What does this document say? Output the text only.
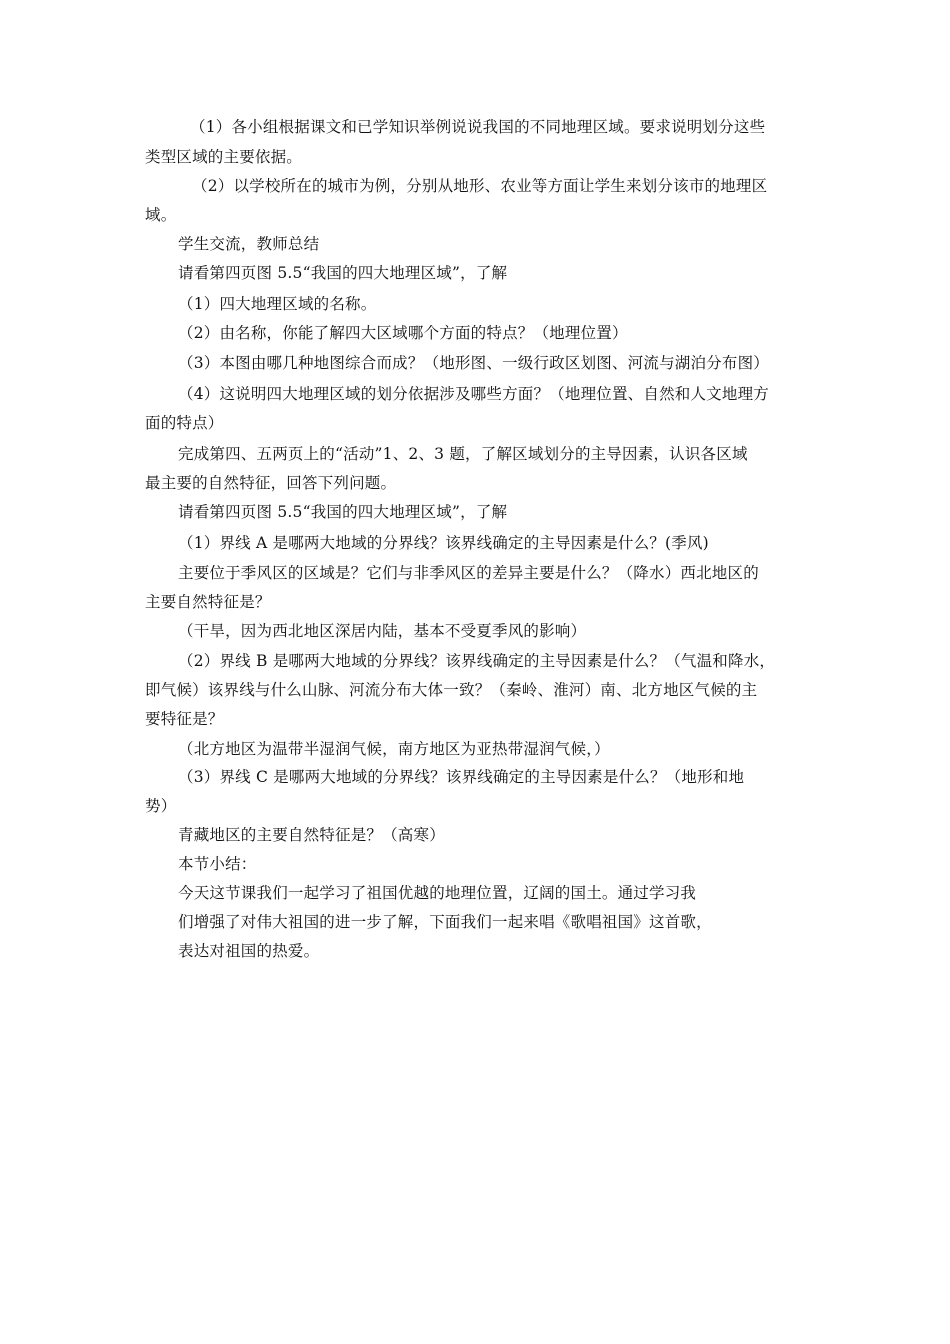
（1）各小组根据课文和已学知识举例说说我国的不同地理区域。要求说明划分这些
类型区域的主要依据。
（2）以学校所在的城市为例，分别从地形、农业等方面让学生来划分该市的地理区
域。
学生交流，教师总结
请看第四页图 5.5“我国的四大地理区域”，了解
（1）四大地理区域的名称。
（2）由名称，你能了解四大区域哪个方面的特点？（地理位置）
（3）本图由哪几种地图综合而成？（地形图、一级行政区划图、河流与湖泊分布图）
（4）这说明四大地理区域的划分依据涉及哪些方面？（地理位置、自然和人文地理方
面的特点）
完成第四、五两页上的“活动”1、2、3 题，了解区域划分的主导因素，认识各区域
最主要的自然特征，回答下列问题。
请看第四页图 5.5“我国的四大地理区域”，了解
（1）界线 A 是哪两大地域的分界线？该界线确定的主导因素是什么？(季风)
主要位于季风区的区域是？它们与非季风区的差异主要是什么？（降水）西北地区的
主要自然特征是？
（干旱，因为西北地区深居内陆，基本不受夏季风的影响）
（2）界线 B 是哪两大地域的分界线？该界线确定的主导因素是什么？（气温和降水，
即气候）该界线与什么山脉、河流分布大体一致？（秦岭、淮河）南、北方地区气候的主
要特征是？
（北方地区为温带半湿润气候，南方地区为亚热带湿润气候，）
（3）界线 C 是哪两大地域的分界线？该界线确定的主导因素是什么？（地形和地
势）
青藏地区的主要自然特征是？（高寒）
本节小结：
今天这节课我们一起学习了祖国优越的地理位置，辽阔的国土。通过学习我
们增强了对伟大祖国的进一步了解，下面我们一起来唱《歌唱祖国》这首歌，
表达对祖国的热爱。
